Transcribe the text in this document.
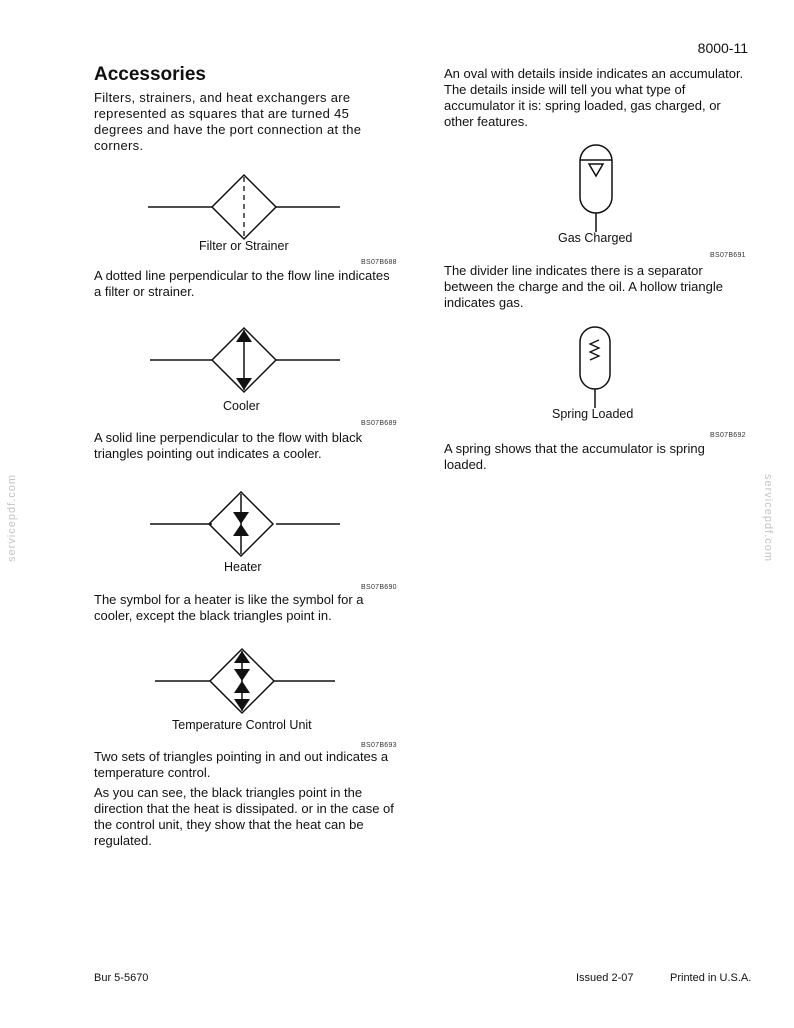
8000-11
servicepdf.com	servicepdf.com
Accessories
Filters, strainers, and heat exchangers are represented as squares that are turned 45 degrees and have the port connection at the corners.
Filter or Strainer
BS07B688
A dotted line perpendicular to the flow line indicates a filter or strainer.
Cooler
BS07B689
A solid line perpendicular to the flow with black triangles pointing out indicates a cooler.
Heater
BS07B690
The symbol for a heater is like the symbol for a cooler, except the black triangles point in.
Temperature Control Unit
BS07B693
Two sets of triangles pointing in and out indicates a temperature control.
As you can see, the black triangles point in the direction that the heat is dissipated. or in the case of the control unit, they show that the heat can be regulated.
An oval with details inside indicates an accumulator. The details inside will tell you what type of accumulator it is: spring loaded, gas charged, or other features.
Gas Charged
BS07B691
The divider line indicates there is a separator between the charge and the oil. A hollow triangle indicates gas.
Spring Loaded
BS07B692
A spring shows that the accumulator is spring loaded.
Bur 5-5670	Issued 2-07	Printed in U.S.A.
